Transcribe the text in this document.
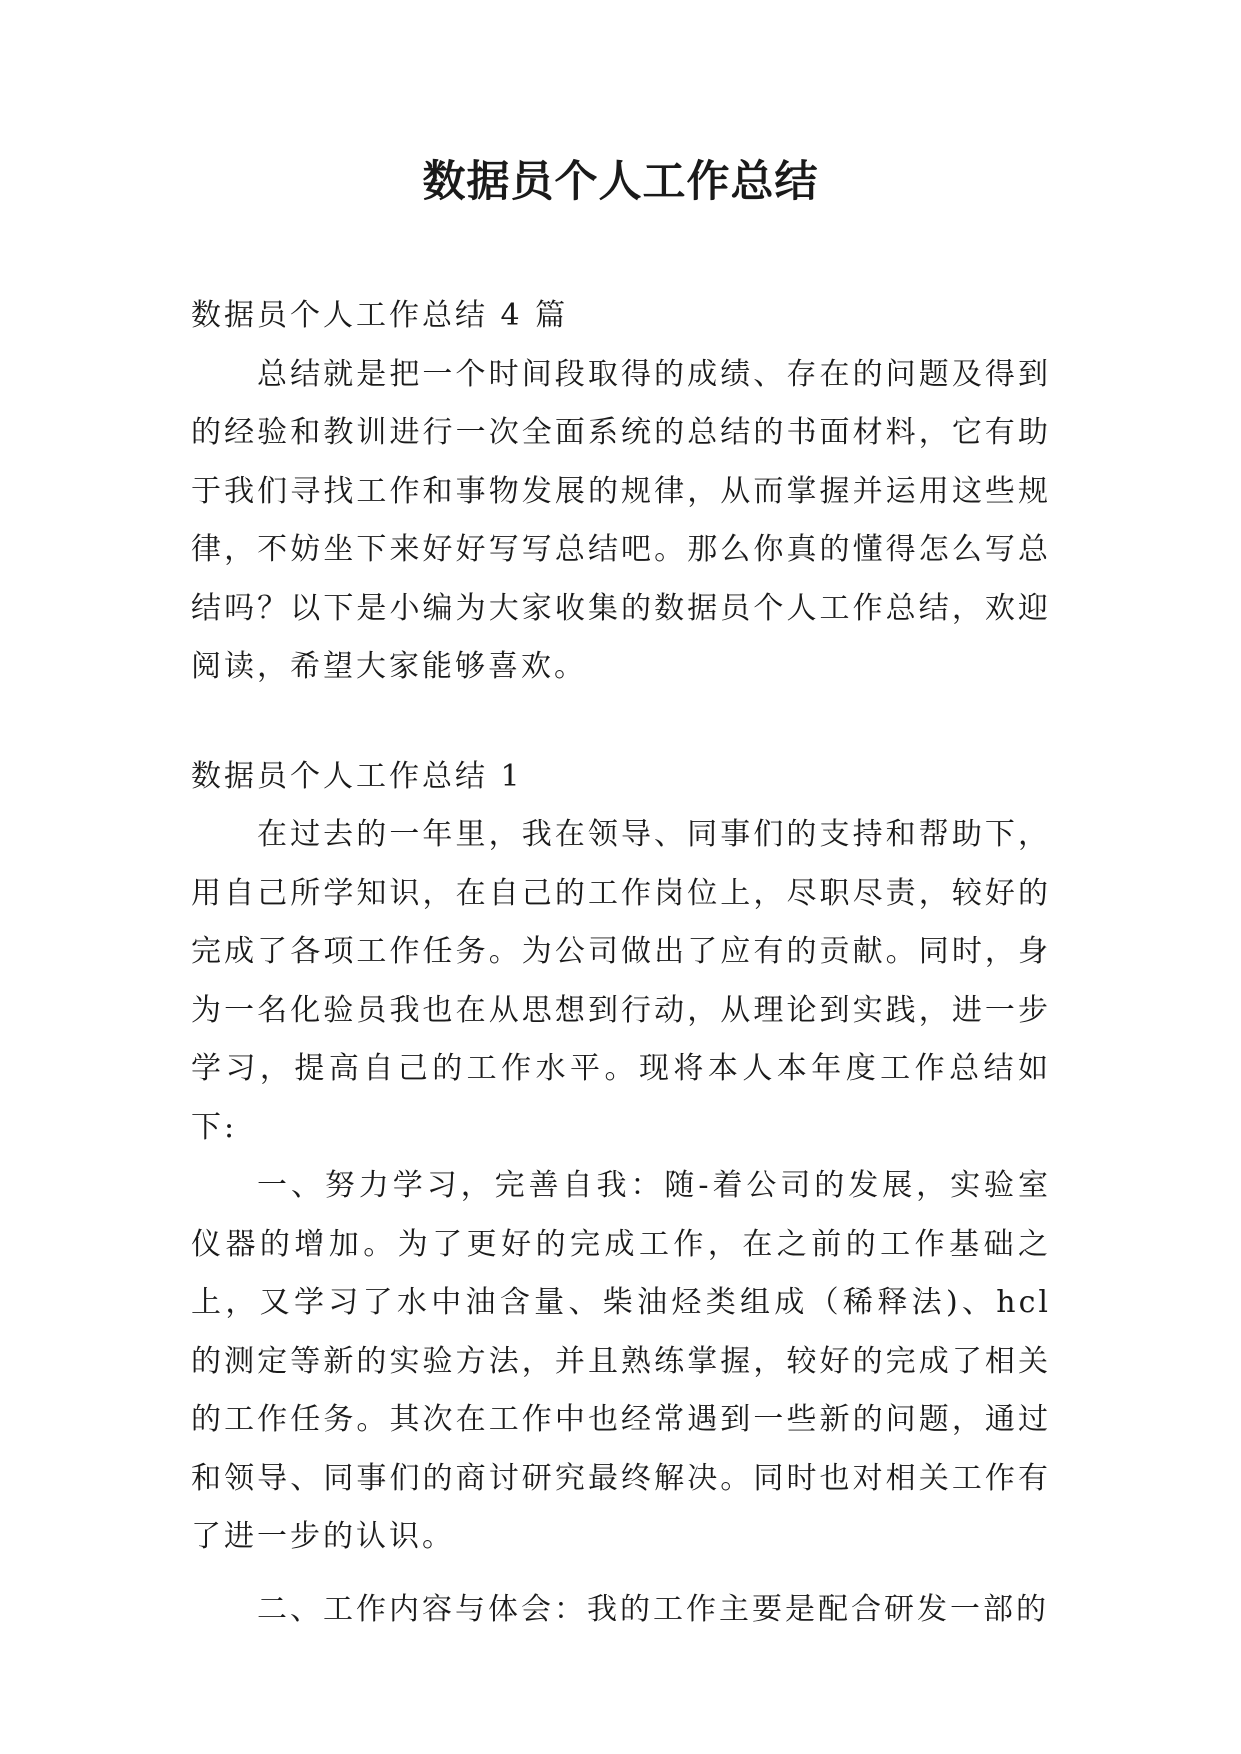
数据员个人工作总结

数据员个人工作总结 4 篇

总结就是把一个时间段取得的成绩、存在的问题及得到的经验和教训进行一次全面系统的总结的书面材料，它有助于我们寻找工作和事物发展的规律，从而掌握并运用这些规律，不妨坐下来好好写写总结吧。那么你真的懂得怎么写总结吗？以下是小编为大家收集的数据员个人工作总结，欢迎阅读，希望大家能够喜欢。

数据员个人工作总结 1

在过去的一年里，我在领导、同事们的支持和帮助下，用自己所学知识，在自己的工作岗位上，尽职尽责，较好的完成了各项工作任务。为公司做出了应有的贡献。同时，身为一名化验员我也在从思想到行动，从理论到实践，进一步学习，提高自己的工作水平。现将本人本年度工作总结如下:

一、努力学习，完善自我：随-着公司的发展，实验室仪器的增加。为了更好的完成工作，在之前的工作基础之上，又学习了水中油含量、柴油烃类组成（稀释法)、hcl 的测定等新的实验方法，并且熟练掌握，较好的完成了相关的工作任务。其次在工作中也经常遇到一些新的问题，通过和领导、同事们的商讨研究最终解决。同时也对相关工作有了进一步的认识。

二、工作内容与体会：我的工作主要是配合研发一部的
